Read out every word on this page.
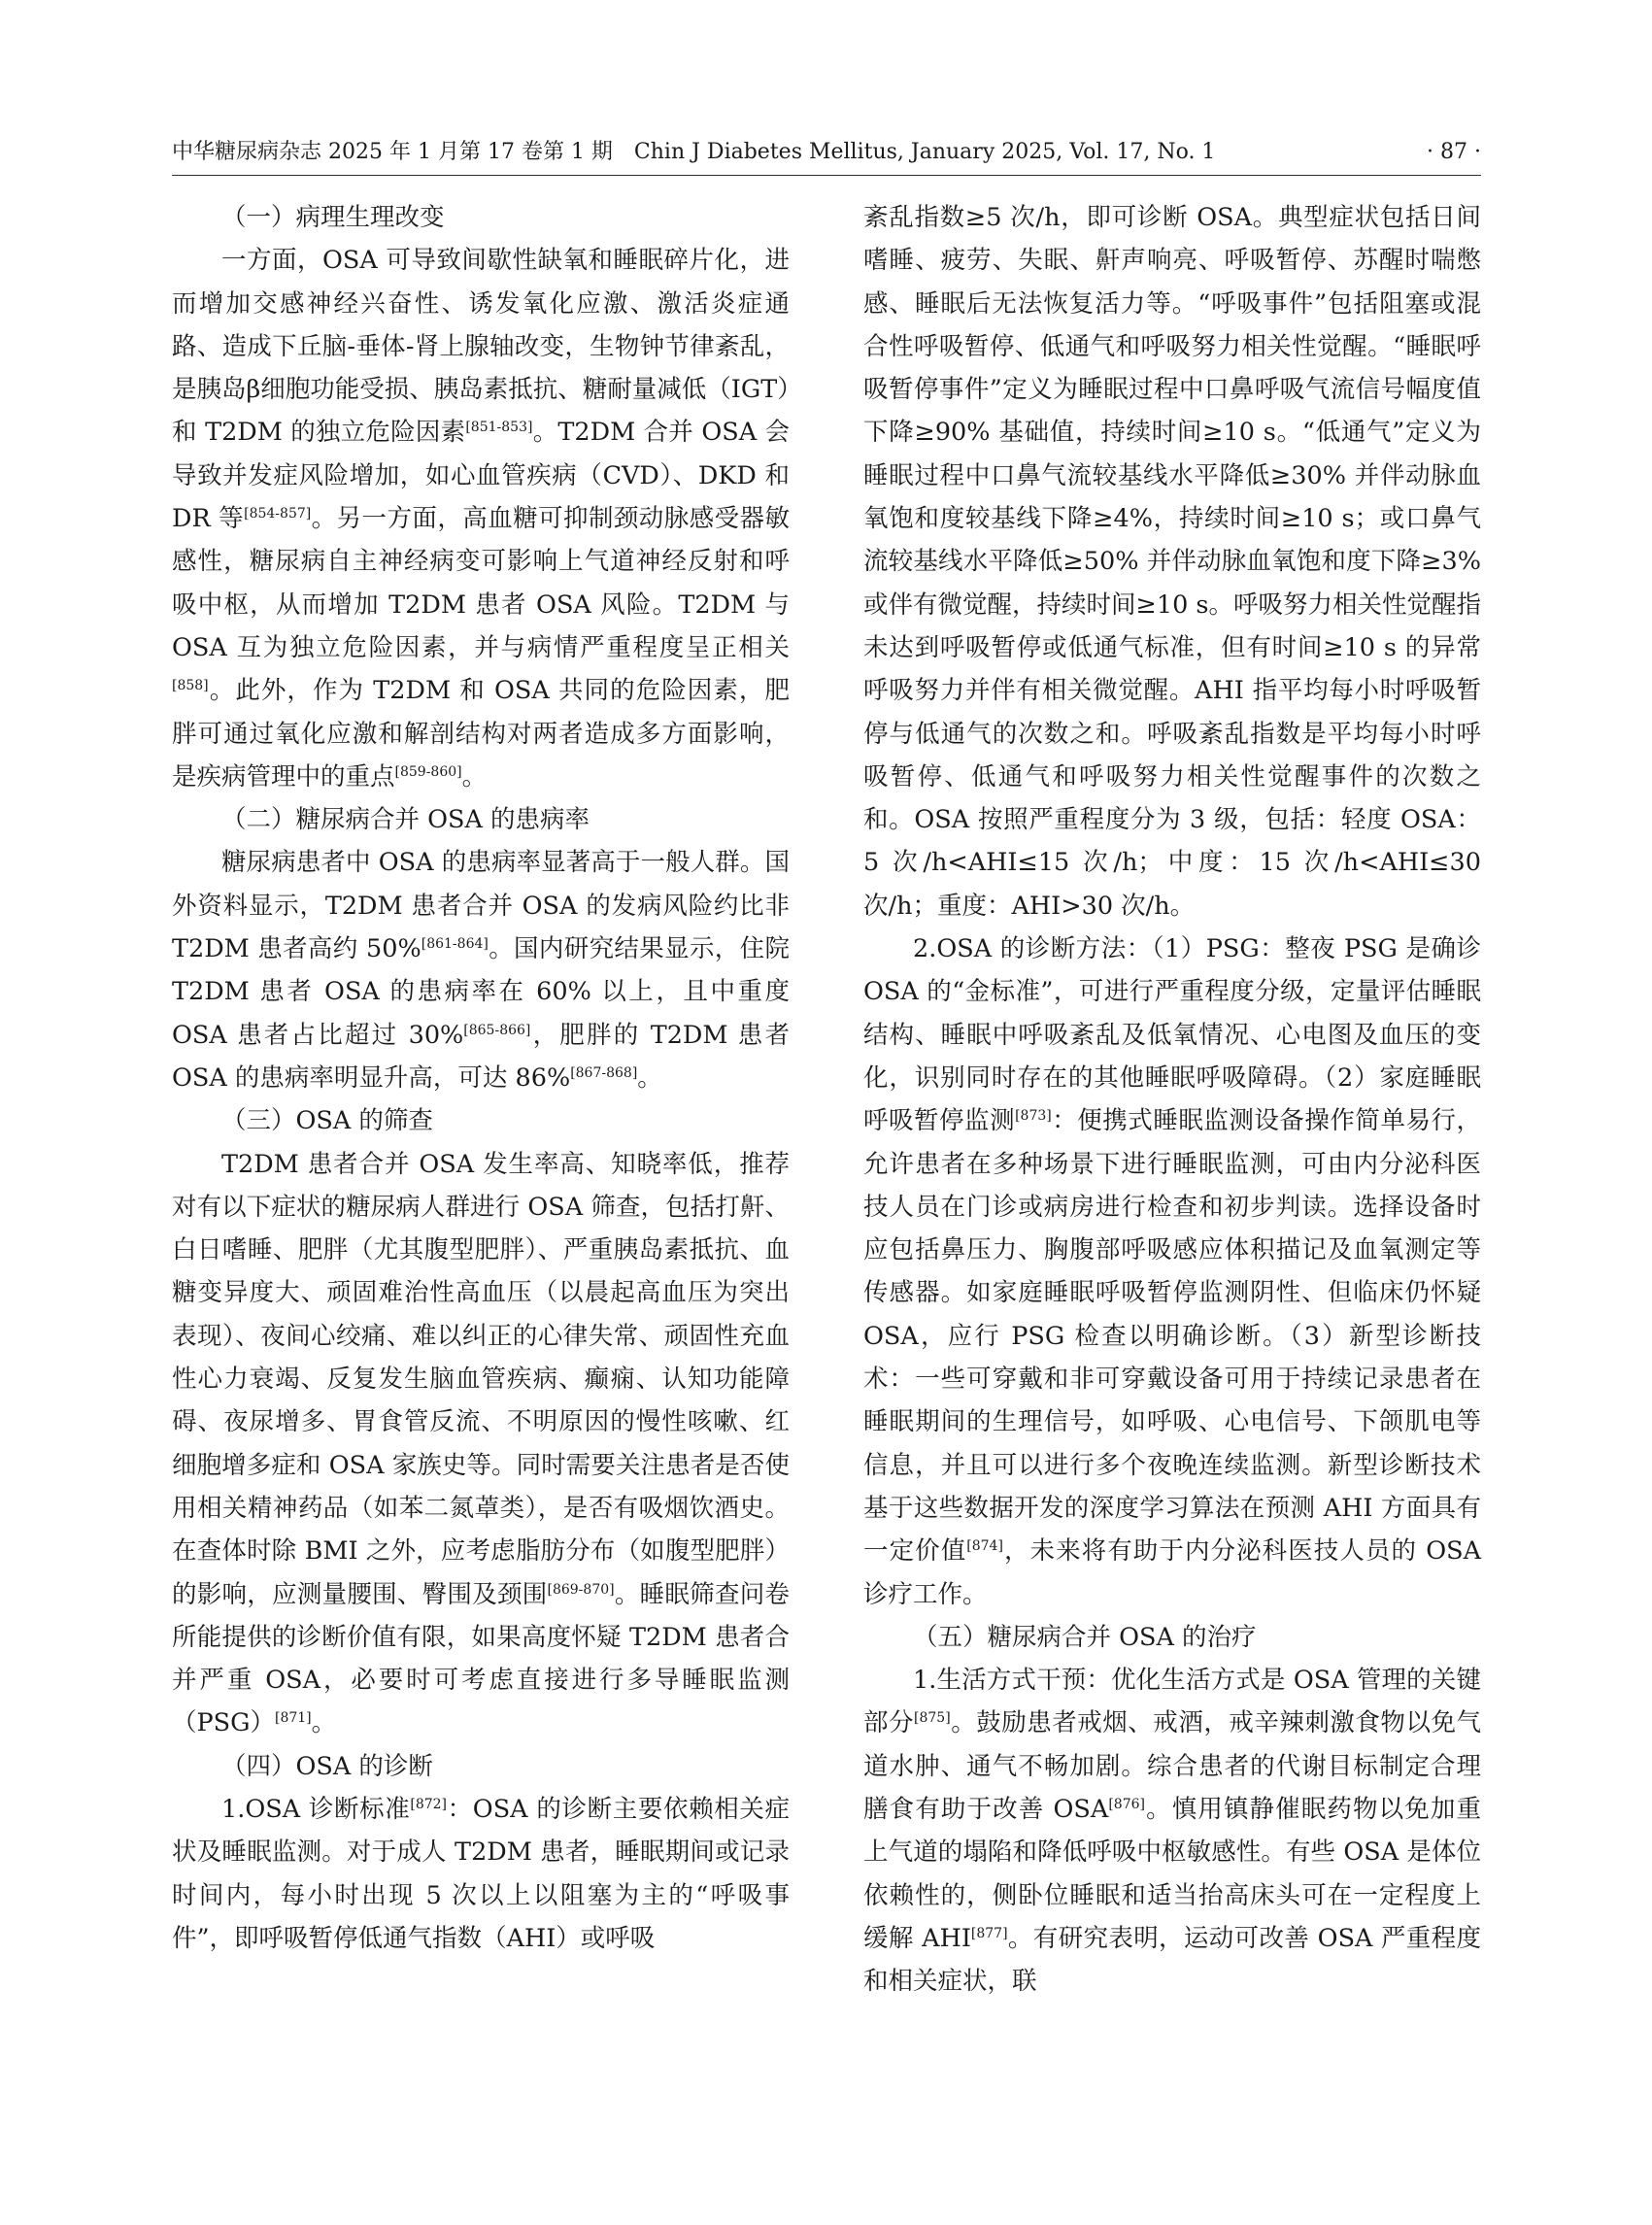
中华糖尿病杂志 2025 年 1 月第 17 卷第 1 期　Chin J Diabetes Mellitus, January 2025, Vol. 17, No. 1	· 87 ·

（一）病理生理改变

一方面，OSA 可导致间歇性缺氧和睡眠碎片化，进而增加交感神经兴奋性、诱发氧化应激、激活炎症通路、造成下丘脑-垂体-肾上腺轴改变，生物钟节律紊乱，是胰岛β细胞功能受损、胰岛素抵抗、糖耐量减低（IGT）和 T2DM 的独立危险因素[851-853]。T2DM 合并 OSA 会导致并发症风险增加，如心血管疾病（CVD）、DKD 和 DR 等[854-857]。另一方面，高血糖可抑制颈动脉感受器敏感性，糖尿病自主神经病变可影响上气道神经反射和呼吸中枢，从而增加 T2DM 患者 OSA 风险。T2DM 与 OSA 互为独立危险因素，并与病情严重程度呈正相关[858]。此外，作为 T2DM 和 OSA 共同的危险因素，肥胖可通过氧化应激和解剖结构对两者造成多方面影响，是疾病管理中的重点[859-860]。

（二）糖尿病合并 OSA 的患病率

糖尿病患者中 OSA 的患病率显著高于一般人群。国外资料显示，T2DM 患者合并 OSA 的发病风险约比非 T2DM 患者高约 50%[861-864]。国内研究结果显示，住院 T2DM 患者 OSA 的患病率在 60% 以上，且中重度 OSA 患者占比超过 30%[865-866]，肥胖的 T2DM 患者 OSA 的患病率明显升高，可达 86%[867-868]。

（三）OSA 的筛查

T2DM 患者合并 OSA 发生率高、知晓率低，推荐对有以下症状的糖尿病人群进行 OSA 筛查，包括打鼾、白日嗜睡、肥胖（尤其腹型肥胖）、严重胰岛素抵抗、血糖变异度大、顽固难治性高血压（以晨起高血压为突出表现）、夜间心绞痛、难以纠正的心律失常、顽固性充血性心力衰竭、反复发生脑血管疾病、癫痫、认知功能障碍、夜尿增多、胃食管反流、不明原因的慢性咳嗽、红细胞增多症和 OSA 家族史等。同时需要关注患者是否使用相关精神药品（如苯二氮䓬类），是否有吸烟饮酒史。在查体时除 BMI 之外，应考虑脂肪分布（如腹型肥胖）的影响，应测量腰围、臀围及颈围[869-870]。睡眠筛查问卷所能提供的诊断价值有限，如果高度怀疑 T2DM 患者合并严重 OSA，必要时可考虑直接进行多导睡眠监测（PSG）[871]。

（四）OSA 的诊断

1.OSA 诊断标准[872]：OSA 的诊断主要依赖相关症状及睡眠监测。对于成人 T2DM 患者，睡眠期间或记录时间内，每小时出现 5 次以上以阻塞为主的“呼吸事件”，即呼吸暂停低通气指数（AHI）或呼吸

紊乱指数≥5 次/h，即可诊断 OSA。典型症状包括日间嗜睡、疲劳、失眠、鼾声响亮、呼吸暂停、苏醒时喘憋感、睡眠后无法恢复活力等。“呼吸事件”包括阻塞或混合性呼吸暂停、低通气和呼吸努力相关性觉醒。“睡眠呼吸暂停事件”定义为睡眠过程中口鼻呼吸气流信号幅度值下降≥90% 基础值，持续时间≥10 s。“低通气”定义为睡眠过程中口鼻气流较基线水平降低≥30% 并伴动脉血氧饱和度较基线下降≥4%，持续时间≥10 s；或口鼻气流较基线水平降低≥50% 并伴动脉血氧饱和度下降≥3% 或伴有微觉醒，持续时间≥10 s。呼吸努力相关性觉醒指未达到呼吸暂停或低通气标准，但有时间≥10 s 的异常呼吸努力并伴有相关微觉醒。AHI 指平均每小时呼吸暂停与低通气的次数之和。呼吸紊乱指数是平均每小时呼吸暂停、低通气和呼吸努力相关性觉醒事件的次数之和。OSA 按照严重程度分为 3 级，包括：轻度 OSA：5 次/h<AHI≤15 次/h；中度：15 次/h<AHI≤30 次/h；重度：AHI>30 次/h。

2.OSA 的诊断方法：（1）PSG：整夜 PSG 是确诊 OSA 的“金标准”，可进行严重程度分级，定量评估睡眠结构、睡眠中呼吸紊乱及低氧情况、心电图及血压的变化，识别同时存在的其他睡眠呼吸障碍。（2）家庭睡眠呼吸暂停监测[873]：便携式睡眠监测设备操作简单易行，允许患者在多种场景下进行睡眠监测，可由内分泌科医技人员在门诊或病房进行检查和初步判读。选择设备时应包括鼻压力、胸腹部呼吸感应体积描记及血氧测定等传感器。如家庭睡眠呼吸暂停监测阴性、但临床仍怀疑 OSA，应行 PSG 检查以明确诊断。（3）新型诊断技术：一些可穿戴和非可穿戴设备可用于持续记录患者在睡眠期间的生理信号，如呼吸、心电信号、下颌肌电等信息，并且可以进行多个夜晚连续监测。新型诊断技术基于这些数据开发的深度学习算法在预测 AHI 方面具有一定价值[874]，未来将有助于内分泌科医技人员的 OSA 诊疗工作。

（五）糖尿病合并 OSA 的治疗

1.生活方式干预：优化生活方式是 OSA 管理的关键部分[875]。鼓励患者戒烟、戒酒，戒辛辣刺激食物以免气道水肿、通气不畅加剧。综合患者的代谢目标制定合理膳食有助于改善 OSA[876]。慎用镇静催眠药物以免加重上气道的塌陷和降低呼吸中枢敏感性。有些 OSA 是体位依赖性的，侧卧位睡眠和适当抬高床头可在一定程度上缓解 AHI[877]。有研究表明，运动可改善 OSA 严重程度和相关症状，联
